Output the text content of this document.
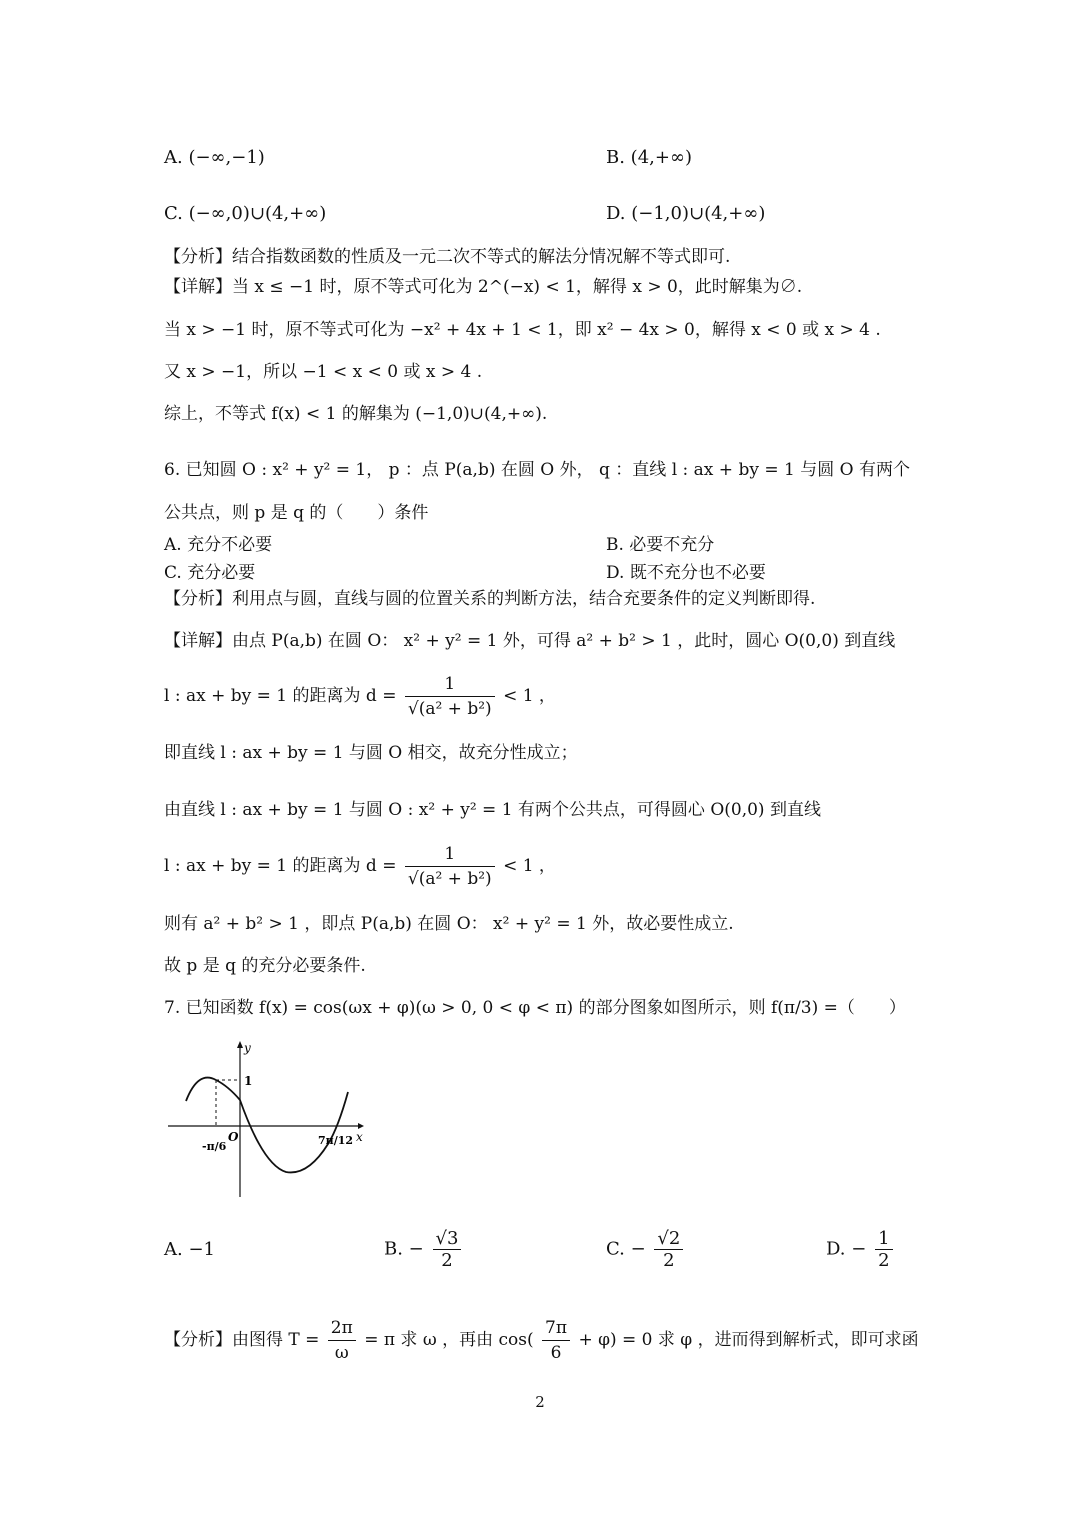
A. (−∞,−1)	B. (4,+∞)
C. (−∞,0)∪(4,+∞)	D. (−1,0)∪(4,+∞)
【分析】结合指数函数的性质及一元二次不等式的解法分情况解不等式即可.
【详解】当 x ≤ −1 时，原不等式可化为 2^(−x) < 1，解得 x > 0，此时解集为∅.
当 x > −1 时，原不等式可化为 −x² + 4x + 1 < 1，即 x² − 4x > 0，解得 x < 0 或 x > 4 .
又 x > −1，所以 −1 < x < 0 或 x > 4 .
综上，不等式 f(x) < 1 的解集为 (−1,0)∪(4,+∞).
6. 已知圆 O : x² + y² = 1， p ：点 P(a,b) 在圆 O 外， q ：直线 l : ax + by = 1 与圆 O 有两个
公共点，则 p 是 q 的（　　）条件
A. 充分不必要	B. 必要不充分
C. 充分必要	D. 既不充分也不必要
【分析】利用点与圆，直线与圆的位置关系的判断方法，结合充要条件的定义判断即得.
【详解】由点 P(a,b) 在圆 O： x² + y² = 1 外，可得 a² + b² > 1 ，此时，圆心 O(0,0) 到直线
l : ax + by = 1 的距离为 $d = \frac{1}{\text{√(a² + b²)}} < 1$ ，
即直线 l : ax + by = 1 与圆 O 相交，故充分性成立；
由直线 l : ax + by = 1 与圆 O : x² + y² = 1 有两个公共点，可得圆心 O(0,0) 到直线
l : ax + by = 1 的距离为 $d = \frac{1}{\text{√(a² + b²)}} < 1$ ，
则有 a² + b² > 1 ，即点 P(a,b) 在圆 O： x² + y² = 1 外，故必要性成立.
故 p 是 q 的充分必要条件.
7. 已知函数 f(x) = cos(ωx + φ)(ω > 0, 0 < φ < π) 的部分图象如图所示，则 f(π/3) =（　　）
y
1
O	x
-π/6	7π/12
A. −1	B. − $\frac{√3}{2}$	C. − $\frac{√2}{2}$	D. − $\frac{1}{2}$
【分析】由图得 $T = \frac{2\pi}{\omega} = \pi$ 求 ω ，再由 $\cos( \frac{7\pi}{6} + \varphi) = 0$ 求 φ ，进而得到解析式，即可求函
2
